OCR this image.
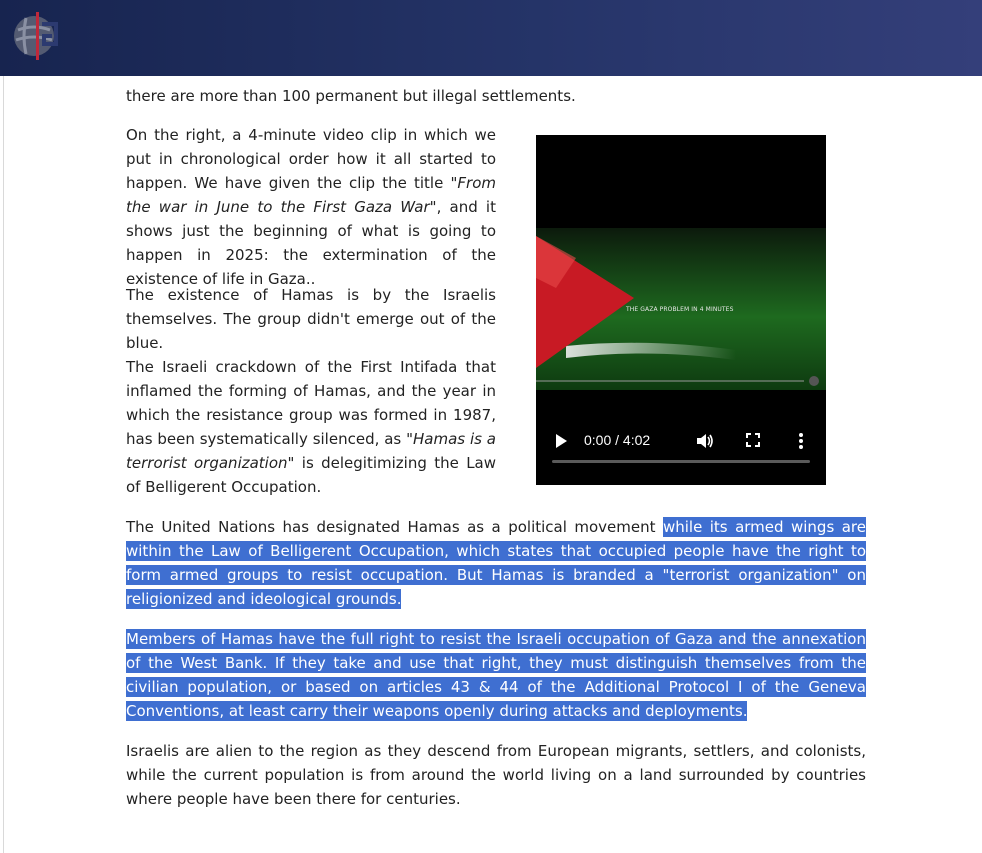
there are more than 100 permanent but illegal settlements.

On the right, a 4-minute video clip in which we put in chronological order how it all started to happen. We have given the clip the title "From the war in June to the First Gaza War", and it shows just the beginning of what is going to happen in 2025: the extermination of the existence of life in Gaza..

The existence of Hamas is by the Israelis themselves. The group didn't emerge out of the blue.

The Israeli crackdown of the First Intifada that inflamed the forming of Hamas, and the year in which the resistance group was formed in 1987, has been systematically silenced, as "Hamas is a terrorist organization" is delegitimizing the Law of Belligerent Occupation.

The United Nations has designated Hamas as a political movement while its armed wings are within the Law of Belligerent Occupation, which states that occupied people have the right to form armed groups to resist occupation. But Hamas is branded a "terrorist organization" on religionized and ideological grounds.

Members of Hamas have the full right to resist the Israeli occupation of Gaza and the annexation of the West Bank. If they take and use that right, they must distinguish themselves from the civilian population, or based on articles 43 & 44 of the Additional Protocol I of the Geneva Conventions, at least carry their weapons openly during attacks and deployments.

Israelis are alien to the region as they descend from European migrants, settlers, and colonists, while the current population is from around the world living on a land surrounded by countries where people have been there for centuries.

THE GAZA PROBLEM IN 4 MINUTES
0:00 / 4:02
